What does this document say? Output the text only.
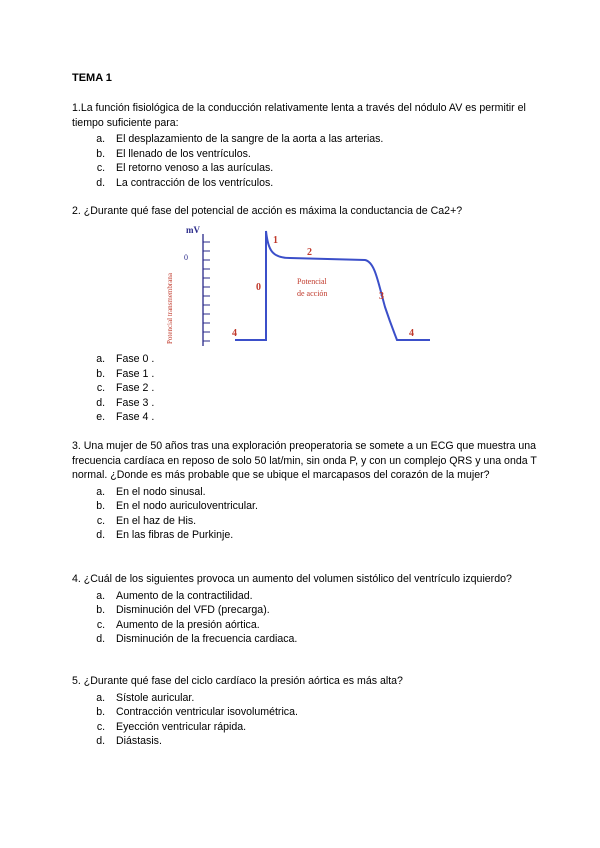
TEMA 1

1.La función fisiológica de la conducción relativamente lenta a través del nódulo AV es permitir el tiempo suficiente para:

a. El desplazamiento de la sangre de la aorta a las arterias.
b. El llenado de los ventrículos.
c. El retorno venoso a las aurículas.
d. La contracción de los ventrículos.

2. ¿Durante qué fase del potencial de acción es máxima la conductancia de Ca2+?

mV
0
Potencial transmembrana	4
0
1
2
3
4
Potencial
de acción
a. Fase 0 .
b. Fase 1 .
c. Fase 2 .
d. Fase 3 .
e. Fase 4 .

3. Una mujer de 50 años tras una exploración preoperatoria se somete a un ECG que muestra una frecuencia cardíaca en reposo de solo 50 lat/min, sin onda P, y con un complejo QRS y una onda T normal. ¿Donde es más probable que se ubique el marcapasos del corazón de la mujer?

a. En el nodo sinusal.
b. En el nodo auriculoventricular.
c. En el haz de His.
d. En las fibras de Purkinje.

4. ¿Cuál de los siguientes provoca un aumento del volumen sistólico del ventrículo izquierdo?

a. Aumento de la contractilidad.
b. Disminución del VFD (precarga).
c. Aumento de la presión aórtica.
d. Disminución de la frecuencia cardiaca.

5. ¿Durante qué fase del ciclo cardíaco la presión aórtica es más alta?

a. Sístole auricular.
b. Contracción ventricular isovolumétrica.
c. Eyección ventricular rápida.
d. Diástasis.
